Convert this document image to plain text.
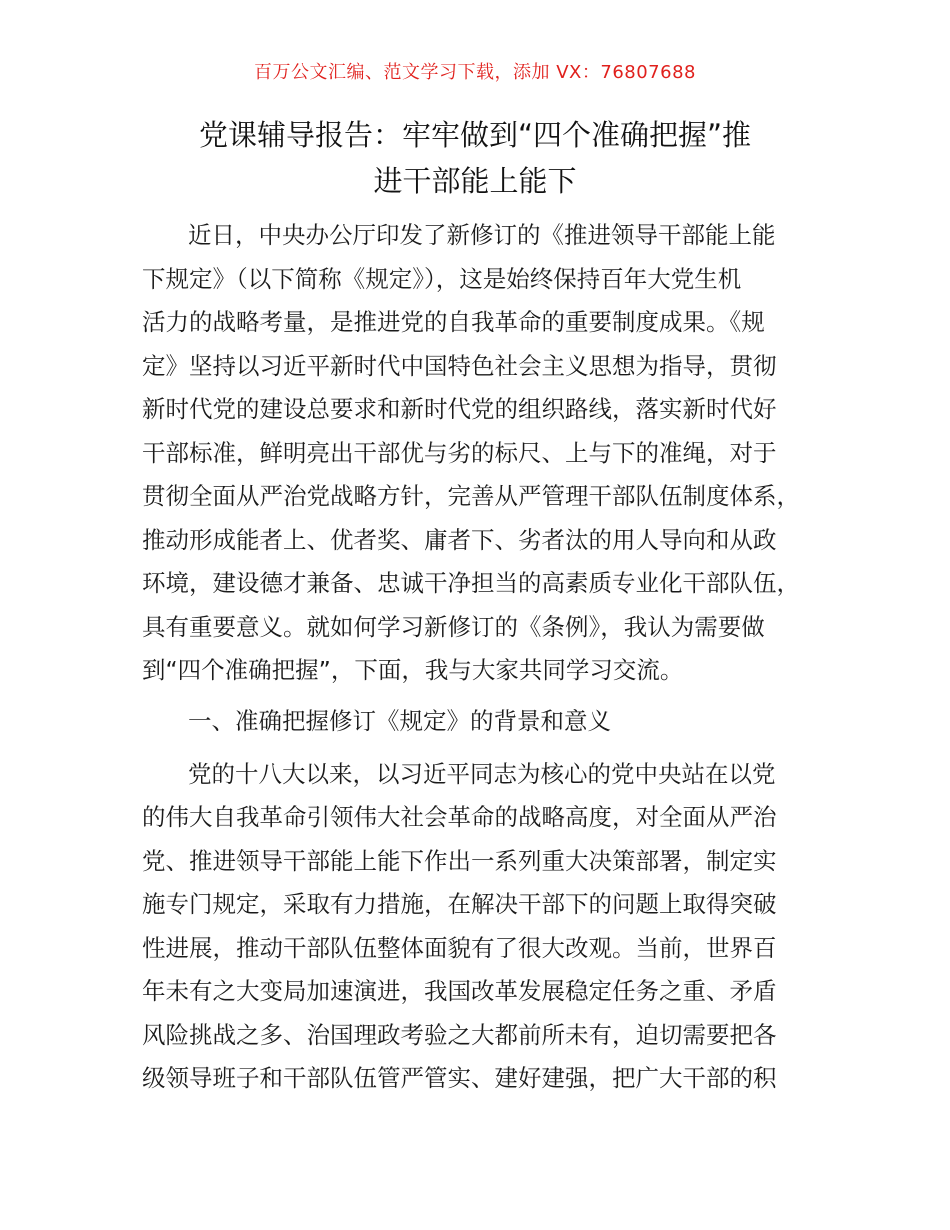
百万公文汇编、范文学习下载，添加 VX：76807688
党课辅导报告：牢牢做到“四个准确把握”推
进干部能上能下
近日，中央办公厅印发了新修订的《推进领导干部能上能
下规定》（以下简称《规定》），这是始终保持百年大党生机
活力的战略考量，是推进党的自我革命的重要制度成果。《规
定》坚持以习近平新时代中国特色社会主义思想为指导，贯彻
新时代党的建设总要求和新时代党的组织路线，落实新时代好
干部标准，鲜明亮出干部优与劣的标尺、上与下的准绳，对于
贯彻全面从严治党战略方针，完善从严管理干部队伍制度体系，
推动形成能者上、优者奖、庸者下、劣者汰的用人导向和从政
环境，建设德才兼备、忠诚干净担当的高素质专业化干部队伍，
具有重要意义。就如何学习新修订的《条例》，我认为需要做
到“四个准确把握”，下面，我与大家共同学习交流。
一、准确把握修订《规定》的背景和意义
党的十八大以来，以习近平同志为核心的党中央站在以党
的伟大自我革命引领伟大社会革命的战略高度，对全面从严治
党、推进领导干部能上能下作出一系列重大决策部署，制定实
施专门规定，采取有力措施，在解决干部下的问题上取得突破
性进展，推动干部队伍整体面貌有了很大改观。当前，世界百
年未有之大变局加速演进，我国改革发展稳定任务之重、矛盾
风险挑战之多、治国理政考验之大都前所未有，迫切需要把各
级领导班子和干部队伍管严管实、建好建强，把广大干部的积
